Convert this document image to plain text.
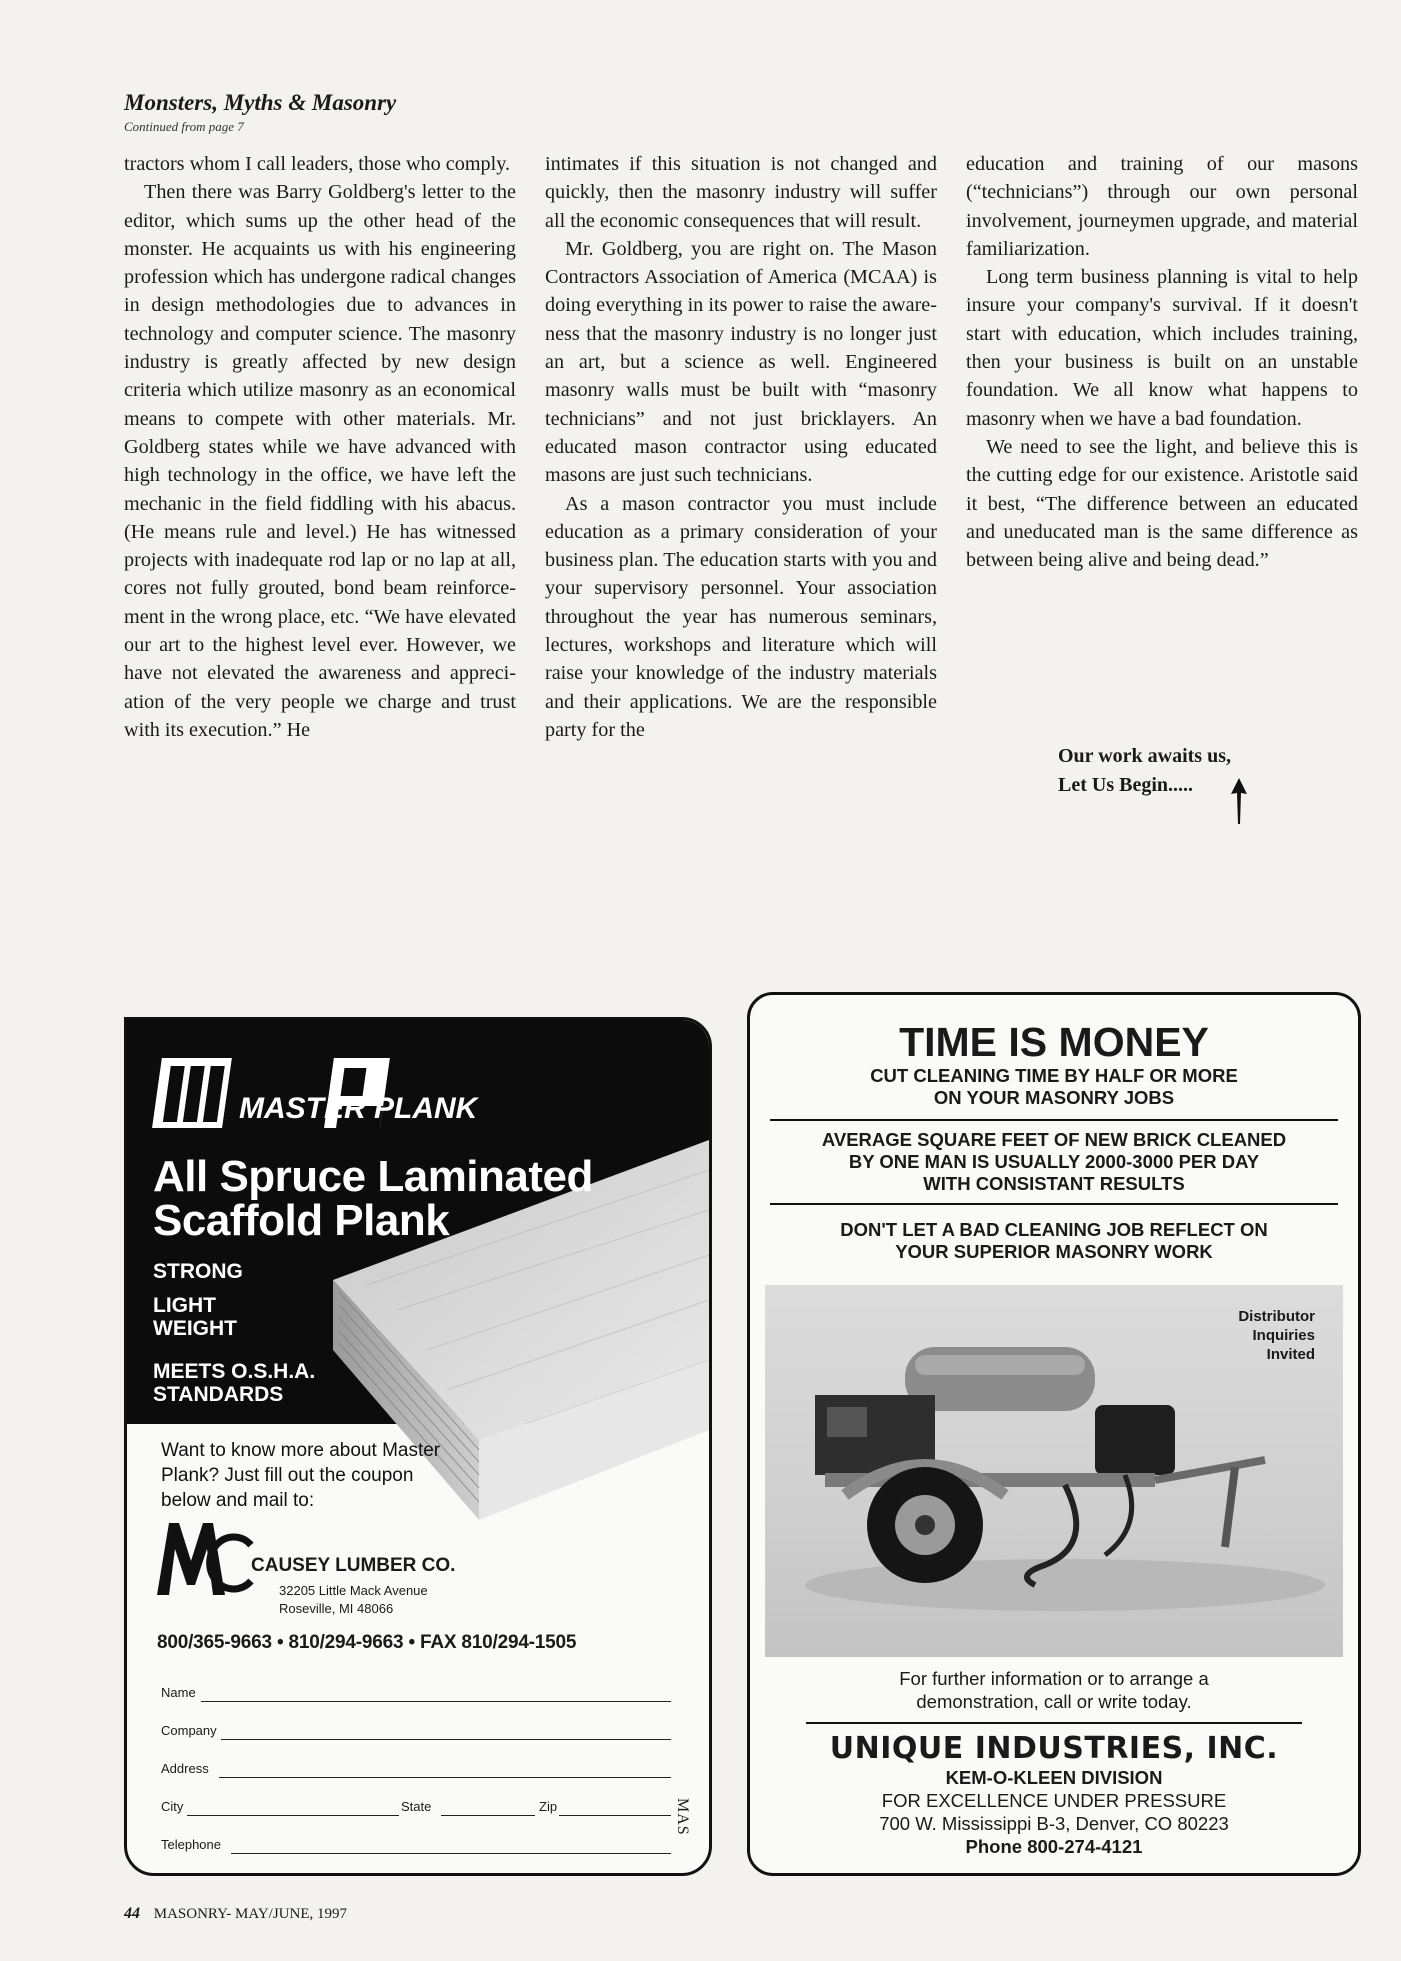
Monsters, Myths & Masonry
Continued from page 7

tractors whom I call leaders, those who comply.

Then there was Barry Goldberg's letter to the editor, which sums up the other head of the monster. He acquaints us with his engineering profession which has undergone radical changes in design methodologies due to advances in technology and computer science. The masonry industry is greatly affected by new design criteria which utilize masonry as an economical means to compete with other materials. Mr. Goldberg states while we have advanced with high technology in the office, we have left the mechanic in the field fiddling with his abacus. (He means rule and level.) He has witnessed projects with inadequate rod lap or no lap at all, cores not fully grouted, bond beam reinforcement in the wrong place, etc. “We have elevated our art to the highest level ever. However, we have not elevated the awareness and appreciation of the very people we charge and trust with its execution.” He

intimates if this situation is not changed and quickly, then the masonry industry will suffer all the economic consequences that will result.

Mr. Goldberg, you are right on. The Mason Contractors Association of America (MCAA) is doing everything in its power to raise the awareness that the masonry industry is no longer just an art, but a science as well. Engineered masonry walls must be built with “masonry technicians” and not just bricklayers. An educated mason contractor using educated masons are just such technicians.

As a mason contractor you must include education as a primary consideration of your business plan. The education starts with you and your supervisory personnel. Your association throughout the year has numerous seminars, lectures, workshops and literature which will raise your knowledge of the industry materials and their applications. We are the responsible party for the

education and training of our masons (“technicians”) through our own personal involvement, journeymen upgrade, and material familiarization.

Long term business planning is vital to help insure your company's survival. If it doesn't start with education, which includes training, then your business is built on an unstable foundation. We all know what happens to masonry when we have a bad foundation.

We need to see the light, and believe this is the cutting edge for our existence. Aristotle said it best, “The difference between an educated and uneducated man is the same difference as between being alive and being dead.”

Our work awaits us,
Let Us Begin.....
MASTER PLANK
All Spruce Laminated
Scaffold Plank
STRONG
LIGHT
WEIGHT
MEETS O.S.H.A.
STANDARDS
Want to know more about Master Plank? Just fill out the coupon below and mail to:
CAUSEY LUMBER CO.
32205 Little Mack Avenue
Roseville, MI 48066
800/365-9663 • 810/294-9663 • FAX 810/294-1505
Name
Company
Address
City	State	Zip
Telephone
MAS
TIME IS MONEY
CUT CLEANING TIME BY HALF OR MORE
ON YOUR MASONRY JOBS
AVERAGE SQUARE FEET OF NEW BRICK CLEANED
BY ONE MAN IS USUALLY 2000-3000 PER DAY
WITH CONSISTANT RESULTS
DON'T LET A BAD CLEANING JOB REFLECT ON
YOUR SUPERIOR MASONRY WORK
Distributor
Inquiries
Invited
For further information or to arrange a
demonstration, call or write today.
UNIQUE INDUSTRIES, INC.
KEM-O-KLEEN DIVISION
FOR EXCELLENCE UNDER PRESSURE
700 W. Mississippi B-3, Denver, CO 80223
Phone 800-274-4121
44 MASONRY- MAY/JUNE, 1997
